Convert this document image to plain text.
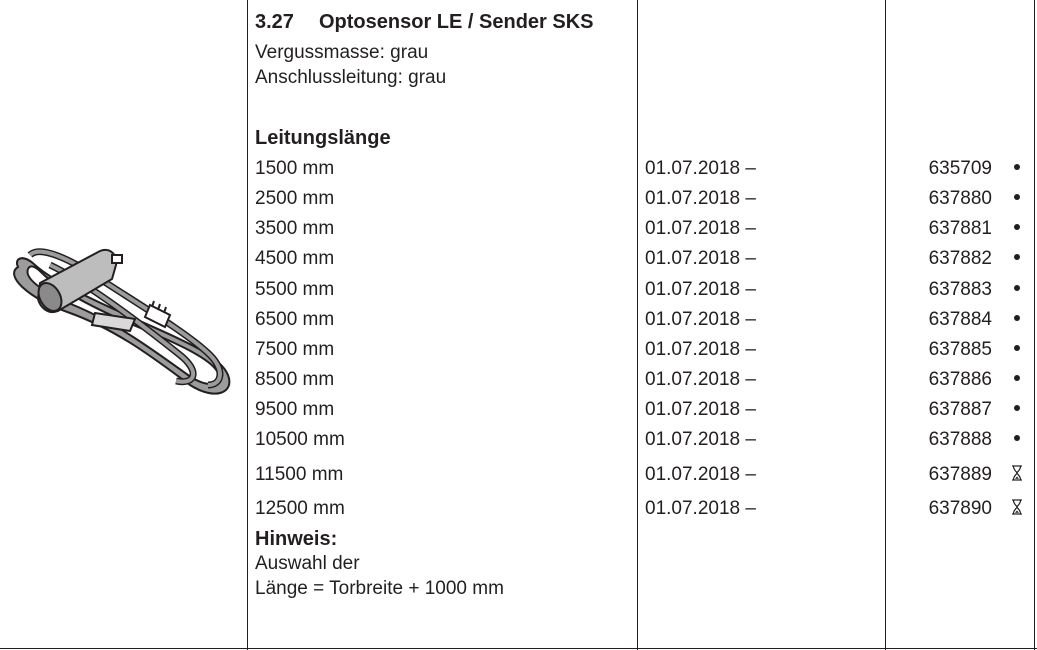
3.27 Optosensor LE / Sender SKS
Vergussmasse: grau
Anschlussleitung: grau
Leitungslänge
1500 mm	01.07.2018 –	635709
2500 mm	01.07.2018 –	637880
3500 mm	01.07.2018 –	637881
4500 mm	01.07.2018 –	637882
5500 mm	01.07.2018 –	637883
6500 mm	01.07.2018 –	637884
7500 mm	01.07.2018 –	637885
8500 mm	01.07.2018 –	637886
9500 mm	01.07.2018 –	637887
10500 mm	01.07.2018 –	637888
11500 mm	01.07.2018 –	637889
12500 mm	01.07.2018 –	637890
Hinweis:
Auswahl der
Länge = Torbreite + 1000 mm
